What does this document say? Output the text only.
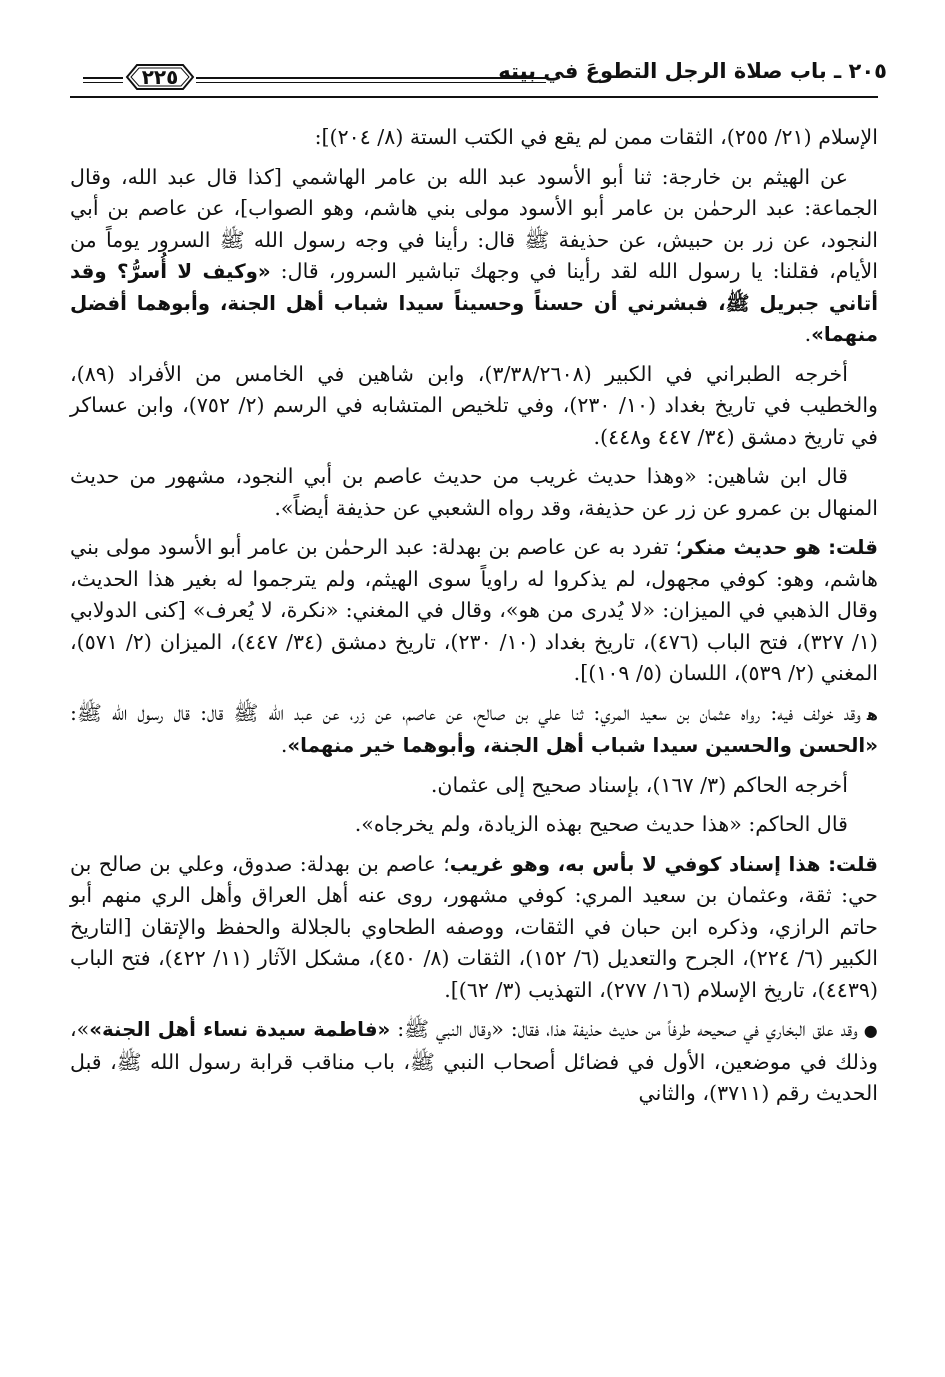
٢٠٥ ـ باب صلاة الرجل التطوعَ في بيته
٢٢٥

الإسلام (٢١/ ٢٥٥)، الثقات ممن لم يقع في الكتب الستة (٨/ ٢٠٤)]:

عن الهيثم بن خارجة: ثنا أبو الأسود عبد الله بن عامر الهاشمي [كذا قال عبد الله، وقال الجماعة: عبد الرحمٰن بن عامر أبو الأسود مولى بني هاشم، وهو الصواب]، عن عاصم بن أبي النجود، عن زر بن حبيش، عن حذيفة ﷺ قال: رأينا في وجه رسول الله ﷺ السرور يوماً من الأيام، فقلنا: يا رسول الله لقد رأينا في وجهك تباشير السرور، قال: «وكيف لا أُسرُّ؟ وقد أتاني جبريل ﷺ، فبشرني أن حسناً وحسيناً سيدا شباب أهل الجنة، وأبوهما أفضل منهما».

أخرجه الطبراني في الكبير (٣/٣٨/٢٦٠٨)، وابن شاهين في الخامس من الأفراد (٨٩)، والخطيب في تاريخ بغداد (١٠/ ٢٣٠)، وفي تلخيص المتشابه في الرسم (٢/ ٧٥٢)، وابن عساكر في تاريخ دمشق (٣٤/ ٤٤٧ و٤٤٨).

قال ابن شاهين: «وهذا حديث غريب من حديث عاصم بن أبي النجود، مشهور من حديث المنهال بن عمرو عن زر عن حذيفة، وقد رواه الشعبي عن حذيفة أيضاً».

قلت: هو حديث منكر؛ تفرد به عن عاصم بن بهدلة: عبد الرحمٰن بن عامر أبو الأسود مولى بني هاشم، وهو: كوفي مجهول، لم يذكروا له راوياً سوى الهيثم، ولم يترجموا له بغير هذا الحديث، وقال الذهبي في الميزان: «لا يُدرى من هو»، وقال في المغني: «نكرة، لا يُعرف» [كنى الدولابي (١/ ٣٢٧)، فتح الباب (٤٧٦)، تاريخ بغداد (١٠/ ٢٣٠)، تاريخ دمشق (٣٤/ ٤٤٧)، الميزان (٢/ ٥٧١)، المغني (٢/ ٥٣٩)، اللسان (٥/ ١٠٩)].

ﻫوقد خولف فيه: رواه عثمان بن سعيد المري: ثنا علي بن صالح، عن عاصم، عن زر، عن عبد الله ﷺ قال: قال رسول الله ﷺ: «الحسن والحسين سيدا شباب أهل الجنة، وأبوهما خير منهما».

أخرجه الحاكم (٣/ ١٦٧)، بإسناد صحيح إلى عثمان.

قال الحاكم: «هذا حديث صحيح بهذه الزيادة، ولم يخرجاه».

قلت: هذا إسناد كوفي لا بأس به، وهو غريب؛ عاصم بن بهدلة: صدوق، وعلي بن صالح بن حي: ثقة، وعثمان بن سعيد المري: كوفي مشهور، روى عنه أهل العراق وأهل الري منهم أبو حاتم الرازي، وذكره ابن حبان في الثقات، ووصفه الطحاوي بالجلالة والحفظ والإتقان [التاريخ الكبير (٦/ ٢٢٤)، الجرح والتعديل (٦/ ١٥٢)، الثقات (٨/ ٤٥٠)، مشكل الآثار (١١/ ٤٢٢)، فتح الباب (٤٤٣٩)، تاريخ الإسلام (١٦/ ٢٧٧)، التهذيب (٣/ ٦٢)].

●وقد علق البخاري في صحيحه طرفاً من حديث حذيفة هذا، فقال: «وقال النبي ﷺ: «فاطمة سيدة نساء أهل الجنة»»، وذلك في موضعين، الأول في فضائل أصحاب النبي ﷺ، باب مناقب قرابة رسول الله ﷺ، قبل الحديث رقم (٣٧١١)، والثاني
